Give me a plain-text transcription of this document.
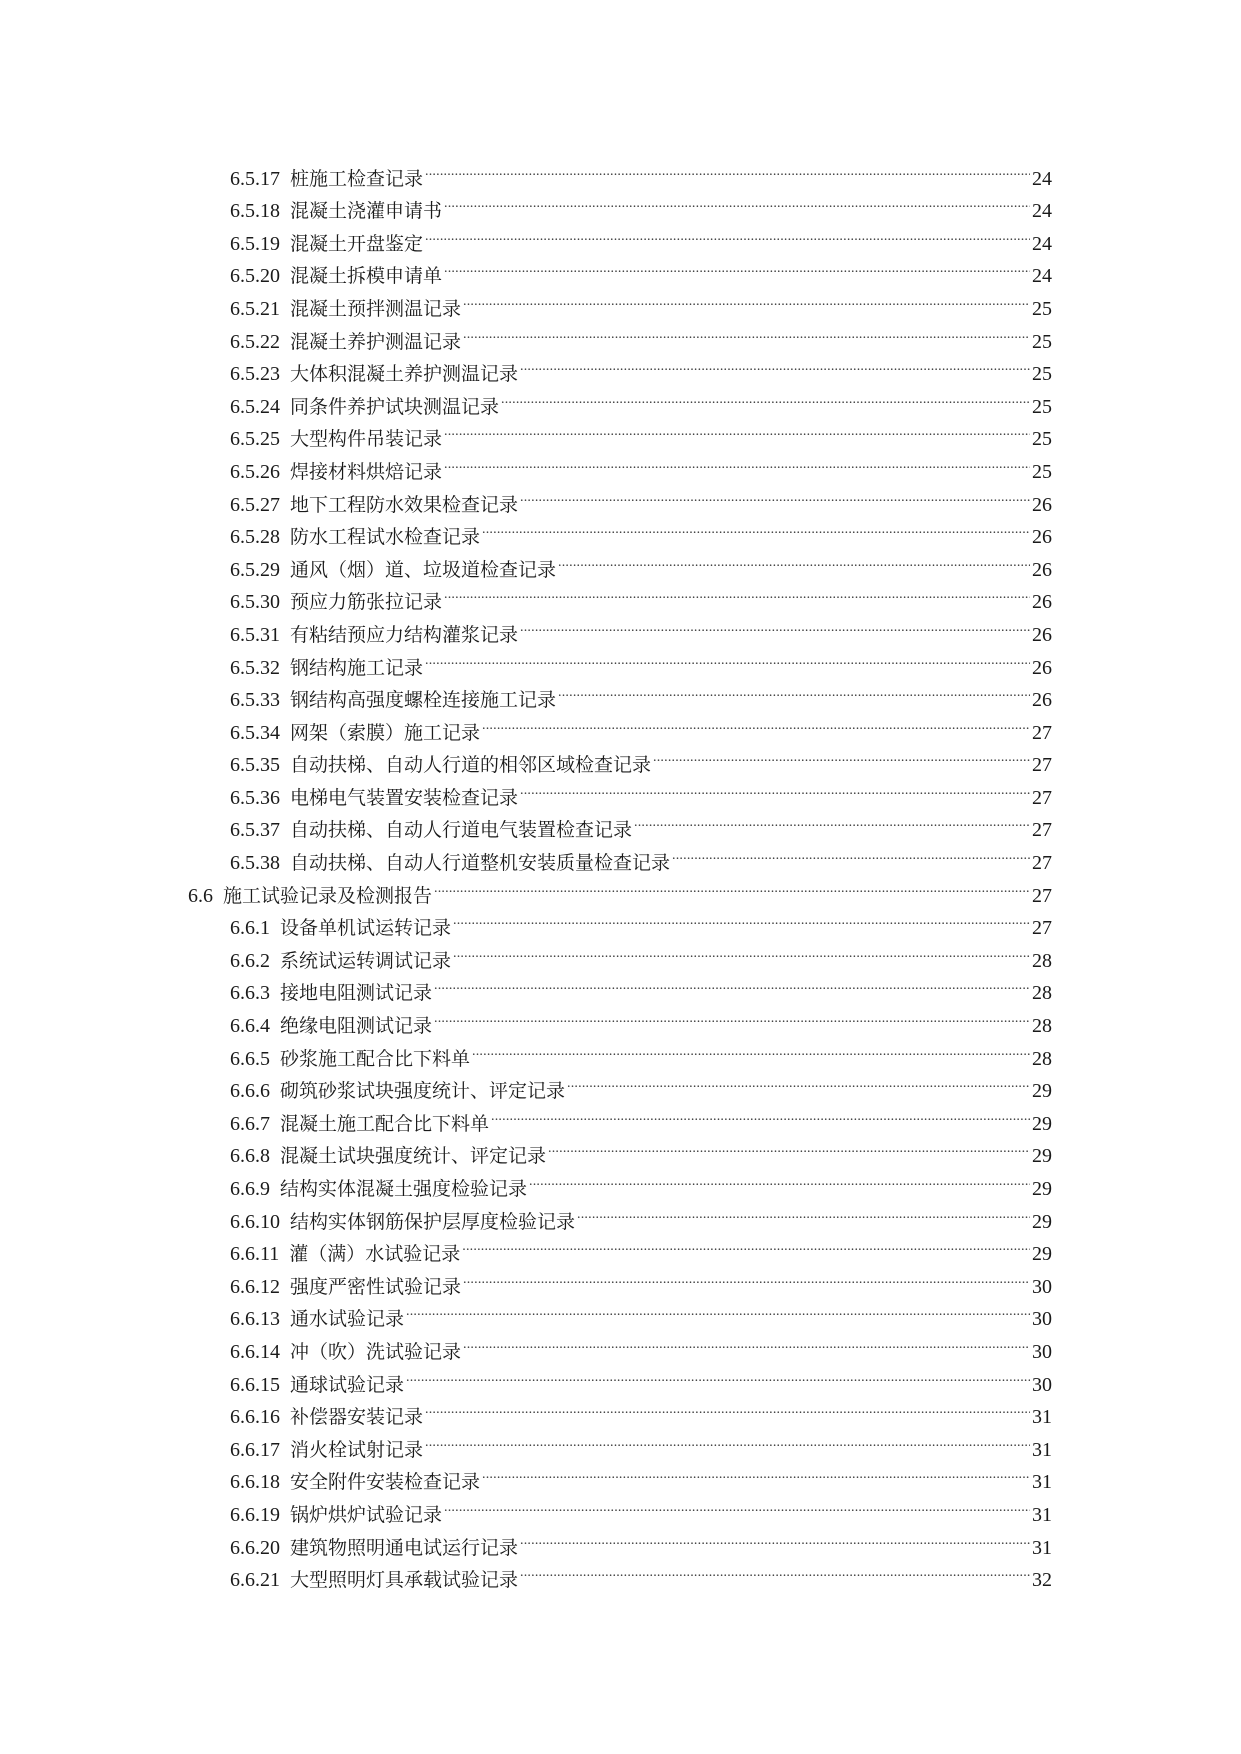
6.5.17 桩施工检查记录 .....	24
6.5.18 混凝土浇灌申请书 .....	24
6.5.19 混凝土开盘鉴定 .....	24
6.5.20 混凝土拆模申请单 .....	24
6.5.21 混凝土预拌测温记录 .....	25
6.5.22 混凝土养护测温记录 .....	25
6.5.23 大体积混凝土养护测温记录 .....	25
6.5.24 同条件养护试块测温记录 .....	25
6.5.25 大型构件吊装记录 .....	25
6.5.26 焊接材料烘焙记录 .....	25
6.5.27 地下工程防水效果检查记录 .....	26
6.5.28 防水工程试水检查记录 .....	26
6.5.29 通风（烟）道、垃圾道检查记录 .....	26
6.5.30 预应力筋张拉记录 .....	26
6.5.31 有粘结预应力结构灌浆记录 .....	26
6.5.32 钢结构施工记录 .....	26
6.5.33 钢结构高强度螺栓连接施工记录 .....	26
6.5.34 网架（索膜）施工记录 .....	27
6.5.35 自动扶梯、自动人行道的相邻区域检查记录 .....	27
6.5.36 电梯电气装置安装检查记录 .....	27
6.5.37 自动扶梯、自动人行道电气装置检查记录 .....	27
6.5.38 自动扶梯、自动人行道整机安装质量检查记录 .....	27
6.6 施工试验记录及检测报告 .....	27
6.6.1 设备单机试运转记录 .....	27
6.6.2 系统试运转调试记录 .....	28
6.6.3 接地电阻测试记录 .....	28
6.6.4 绝缘电阻测试记录 .....	28
6.6.5 砂浆施工配合比下料单 .....	28
6.6.6 砌筑砂浆试块强度统计、评定记录 .....	29
6.6.7 混凝土施工配合比下料单 .....	29
6.6.8 混凝土试块强度统计、评定记录 .....	29
6.6.9 结构实体混凝土强度检验记录 .....	29
6.6.10 结构实体钢筋保护层厚度检验记录 .....	29
6.6.11 灌（满）水试验记录 .....	29
6.6.12 强度严密性试验记录 .....	30
6.6.13 通水试验记录 .....	30
6.6.14 冲（吹）洗试验记录 .....	30
6.6.15 通球试验记录 .....	30
6.6.16 补偿器安装记录 .....	31
6.6.17 消火栓试射记录 .....	31
6.6.18 安全附件安装检查记录 .....	31
6.6.19 锅炉烘炉试验记录 .....	31
6.6.20 建筑物照明通电试运行记录 .....	31
6.6.21 大型照明灯具承载试验记录 .....	32
